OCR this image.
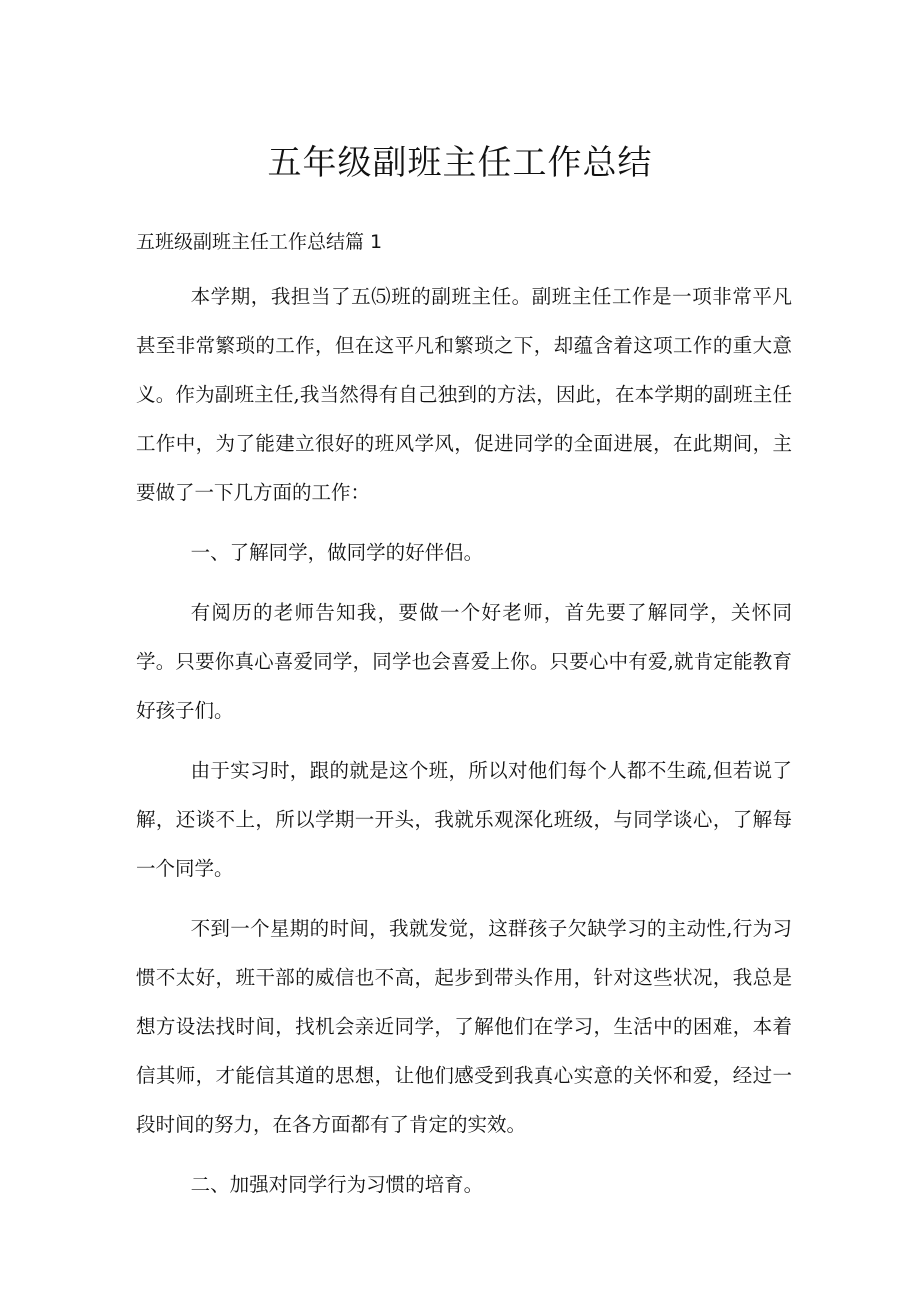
五年级副班主任工作总结

五班级副班主任工作总结篇 1

本学期，我担当了五⑸班的副班主任。副班主任工作是一项非常平凡甚至非常繁琐的工作，但在这平凡和繁琐之下，却蕴含着这项工作的重大意义。作为副班主任,我当然得有自己独到的方法，因此，在本学期的副班主任工作中，为了能建立很好的班风学风，促进同学的全面进展，在此期间，主要做了一下几方面的工作：

一、了解同学，做同学的好伴侣。

有阅历的老师告知我，要做一个好老师，首先要了解同学，关怀同学。只要你真心喜爱同学，同学也会喜爱上你。只要心中有爱,就肯定能教育好孩子们。

由于实习时，跟的就是这个班，所以对他们每个人都不生疏,但若说了解，还谈不上，所以学期一开头，我就乐观深化班级，与同学谈心，了解每一个同学。

不到一个星期的时间，我就发觉，这群孩子欠缺学习的主动性,行为习惯不太好，班干部的威信也不高，起步到带头作用，针对这些状况，我总是想方设法找时间，找机会亲近同学，了解他们在学习，生活中的困难，本着信其师，才能信其道的思想，让他们感受到我真心实意的关怀和爱，经过一段时间的努力，在各方面都有了肯定的实效。

二、加强对同学行为习惯的培育。
